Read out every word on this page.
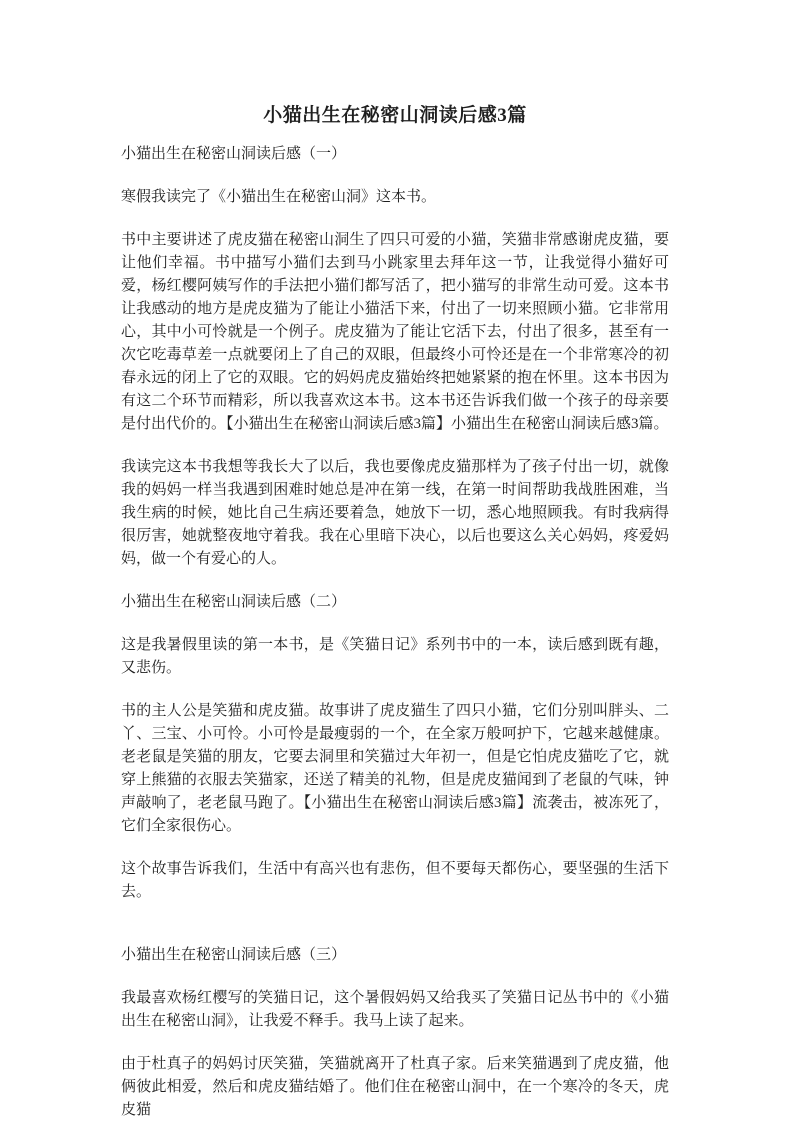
小猫出生在秘密山洞读后感3篇
小猫出生在秘密山洞读后感（一）

寒假我读完了《小猫出生在秘密山洞》这本书。

书中主要讲述了虎皮猫在秘密山洞生了四只可爱的小猫，笑猫非常感谢虎皮猫，要让他们幸福。书中描写小猫们去到马小跳家里去拜年这一节，让我觉得小猫好可爱，杨红樱阿姨写作的手法把小猫们都写活了，把小猫写的非常生动可爱。这本书让我感动的地方是虎皮猫为了能让小猫活下来，付出了一切来照顾小猫。它非常用心，其中小可怜就是一个例子。虎皮猫为了能让它活下去，付出了很多，甚至有一次它吃毒草差一点就要闭上了自己的双眼，但最终小可怜还是在一个非常寒冷的初春永远的闭上了它的双眼。它的妈妈虎皮猫始终把她紧紧的抱在怀里。这本书因为有这二个环节而精彩，所以我喜欢这本书。这本书还告诉我们做一个孩子的母亲要是付出代价的。【小猫出生在秘密山洞读后感3篇】小猫出生在秘密山洞读后感3篇。

我读完这本书我想等我长大了以后，我也要像虎皮猫那样为了孩子付出一切，就像我的妈妈一样当我遇到困难时她总是冲在第一线，在第一时间帮助我战胜困难，当我生病的时候，她比自己生病还要着急，她放下一切，悉心地照顾我。有时我病得很厉害，她就整夜地守着我。我在心里暗下决心，以后也要这么关心妈妈，疼爱妈妈，做一个有爱心的人。

小猫出生在秘密山洞读后感（二）

这是我暑假里读的第一本书，是《笑猫日记》系列书中的一本，读后感到既有趣，又悲伤。

书的主人公是笑猫和虎皮猫。故事讲了虎皮猫生了四只小猫，它们分别叫胖头、二丫、三宝、小可怜。小可怜是最瘦弱的一个，在全家万般呵护下，它越来越健康。老老鼠是笑猫的朋友，它要去洞里和笑猫过大年初一，但是它怕虎皮猫吃了它，就穿上熊猫的衣服去笑猫家，还送了精美的礼物，但是虎皮猫闻到了老鼠的气味，钟声敲响了，老老鼠马跑了。【小猫出生在秘密山洞读后感3篇】流袭击，被冻死了，它们全家很伤心。

这个故事告诉我们，生活中有高兴也有悲伤，但不要每天都伤心，要坚强的生活下去。

小猫出生在秘密山洞读后感（三）

我最喜欢杨红樱写的笑猫日记，这个暑假妈妈又给我买了笑猫日记丛书中的《小猫出生在秘密山洞》，让我爱不释手。我马上读了起来。

由于杜真子的妈妈讨厌笑猫，笑猫就离开了杜真子家。后来笑猫遇到了虎皮猫，他俩彼此相爱，然后和虎皮猫结婚了。他们住在秘密山洞中，在一个寒冷的冬天，虎皮猫
